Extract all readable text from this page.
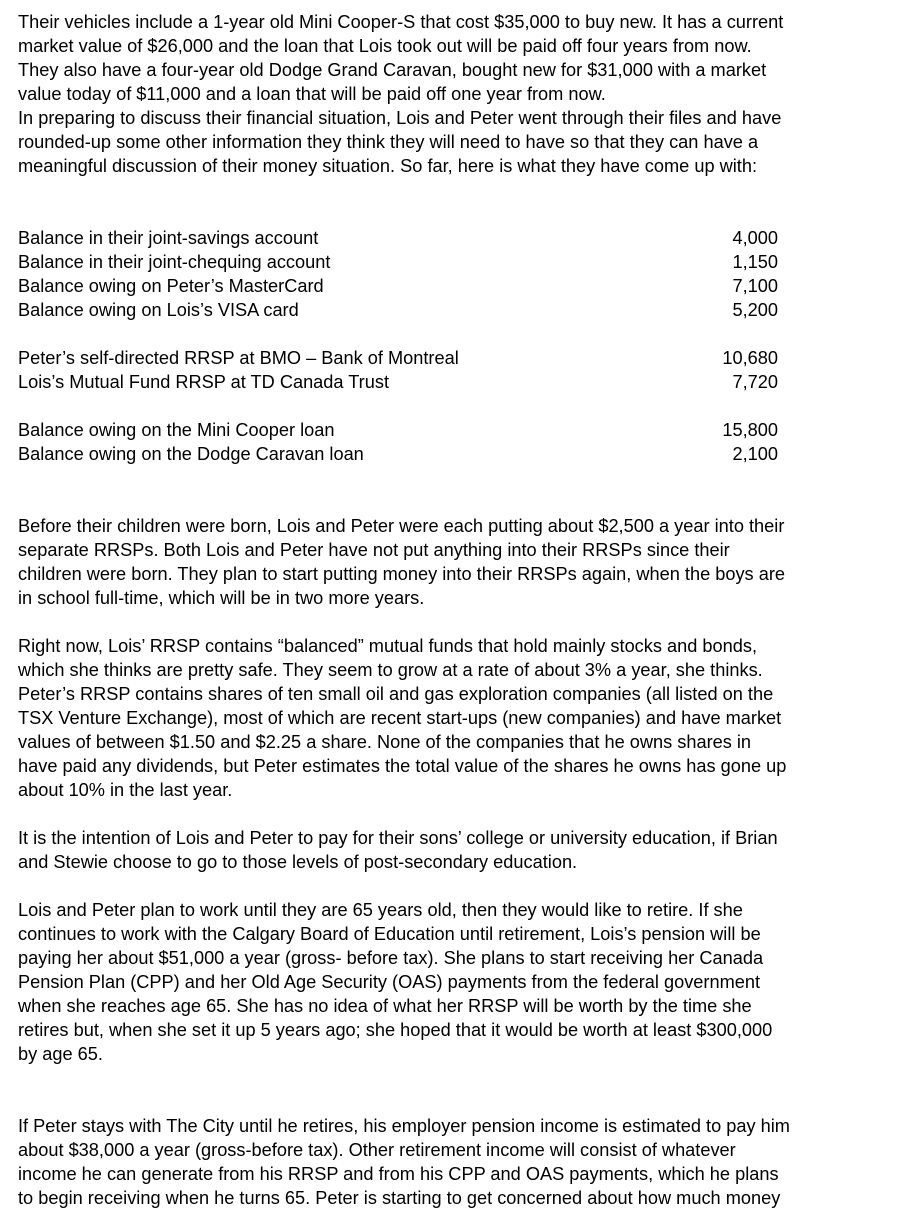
Their vehicles include a 1-year old Mini Cooper-S that cost $35,000 to buy new. It has a current
market value of $26,000 and the loan that Lois took out will be paid off four years from now.
They also have a four-year old Dodge Grand Caravan, bought new for $31,000 with a market
value today of $11,000 and a loan that will be paid off one year from now.
In preparing to discuss their financial situation, Lois and Peter went through their files and have
rounded-up some other information they think they will need to have so that they can have a
meaningful discussion of their money situation. So far, here is what they have come up with:

Balance in their joint-savings account	4,000
Balance in their joint-chequing account	1,150
Balance owing on Peter’s MasterCard	7,100
Balance owing on Lois’s VISA card	5,200
Peter’s self-directed RRSP at BMO – Bank of Montreal	10,680
Lois’s Mutual Fund RRSP at TD Canada Trust	7,720
Balance owing on the Mini Cooper loan	15,800
Balance owing on the Dodge Caravan loan	2,100

Before their children were born, Lois and Peter were each putting about $2,500 a year into their
separate RRSPs. Both Lois and Peter have not put anything into their RRSPs since their
children were born. They plan to start putting money into their RRSPs again, when the boys are
in school full-time, which will be in two more years.

Right now, Lois’ RRSP contains “balanced” mutual funds that hold mainly stocks and bonds,
which she thinks are pretty safe. They seem to grow at a rate of about 3% a year, she thinks.
Peter’s RRSP contains shares of ten small oil and gas exploration companies (all listed on the
TSX Venture Exchange), most of which are recent start-ups (new companies) and have market
values of between $1.50 and $2.25 a share. None of the companies that he owns shares in
have paid any dividends, but Peter estimates the total value of the shares he owns has gone up
about 10% in the last year.

It is the intention of Lois and Peter to pay for their sons’ college or university education, if Brian
and Stewie choose to go to those levels of post-secondary education.

Lois and Peter plan to work until they are 65 years old, then they would like to retire. If she
continues to work with the Calgary Board of Education until retirement, Lois’s pension will be
paying her about $51,000 a year (gross- before tax). She plans to start receiving her Canada
Pension Plan (CPP) and her Old Age Security (OAS) payments from the federal government
when she reaches age 65. She has no idea of what her RRSP will be worth by the time she
retires but, when she set it up 5 years ago; she hoped that it would be worth at least $300,000
by age 65.

If Peter stays with The City until he retires, his employer pension income is estimated to pay him
about $38,000 a year (gross-before tax). Other retirement income will consist of whatever
income he can generate from his RRSP and from his CPP and OAS payments, which he plans
to begin receiving when he turns 65. Peter is starting to get concerned about how much money
